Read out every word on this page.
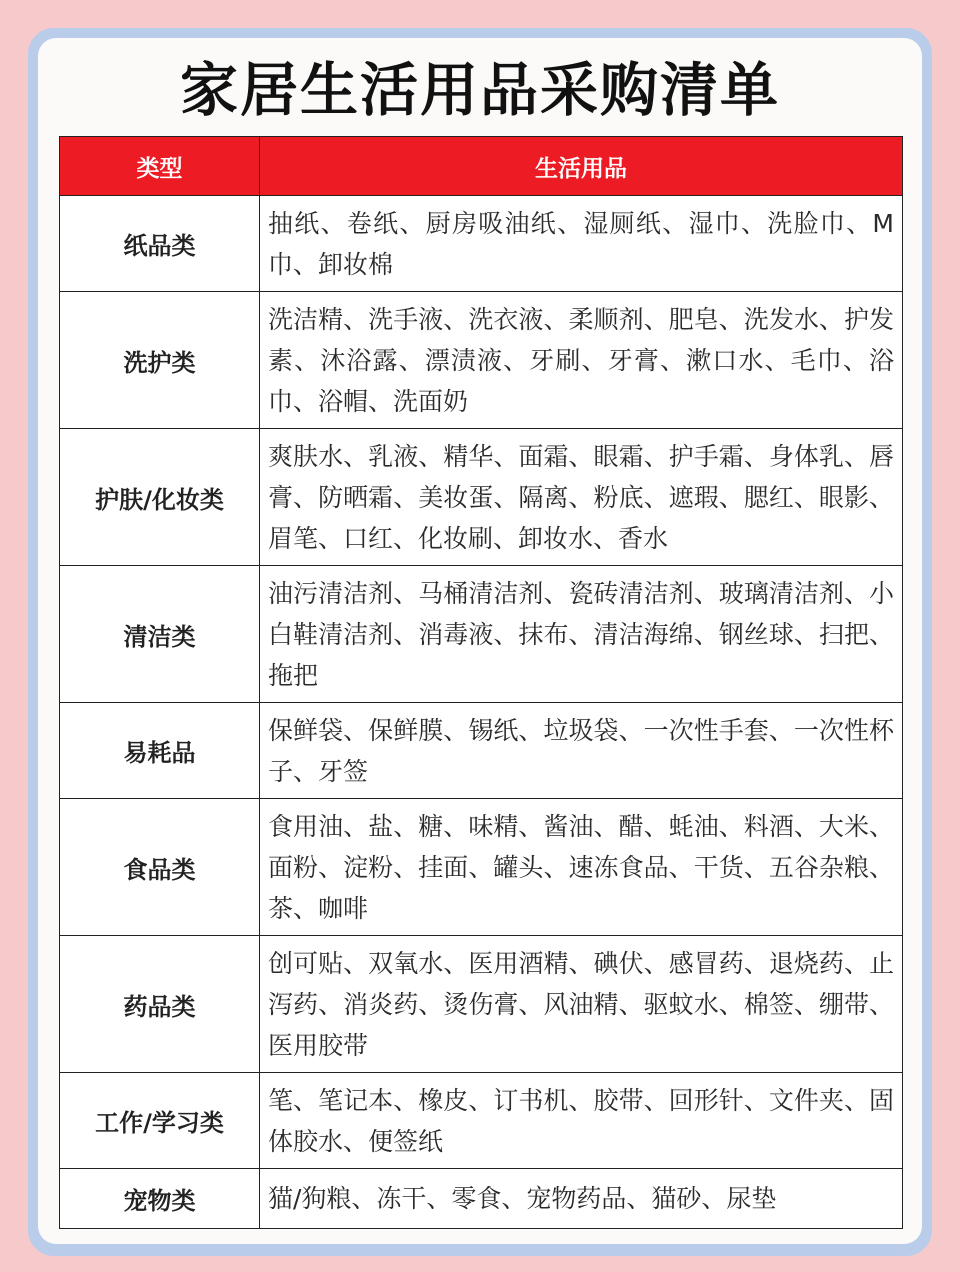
家居生活用品采购清单
类型	生活用品
纸品类	抽纸、卷纸、厨房吸油纸、湿厕纸、湿巾、洗脸巾、M巾、卸妆棉
洗护类	洗洁精、洗手液、洗衣液、柔顺剂、肥皂、洗发水、护发素、沐浴露、漂渍液、牙刷、牙膏、漱口水、毛巾、浴巾、浴帽、洗面奶
护肤/化妆类	爽肤水、乳液、精华、面霜、眼霜、护手霜、身体乳、唇膏、防晒霜、美妆蛋、隔离、粉底、遮瑕、腮红、眼影、眉笔、口红、化妆刷、卸妆水、香水
清洁类	油污清洁剂、马桶清洁剂、瓷砖清洁剂、玻璃清洁剂、小白鞋清洁剂、消毒液、抹布、清洁海绵、钢丝球、扫把、拖把
易耗品	保鲜袋、保鲜膜、锡纸、垃圾袋、一次性手套、一次性杯子、牙签
食品类	食用油、盐、糖、味精、酱油、醋、蚝油、料酒、大米、面粉、淀粉、挂面、罐头、速冻食品、干货、五谷杂粮、茶、咖啡
药品类	创可贴、双氧水、医用酒精、碘伏、感冒药、退烧药、止泻药、消炎药、烫伤膏、风油精、驱蚊水、棉签、绷带、医用胶带
工作/学习类	笔、笔记本、橡皮、订书机、胶带、回形针、文件夹、固体胶水、便签纸
宠物类	猫/狗粮、冻干、零食、宠物药品、猫砂、尿垫
